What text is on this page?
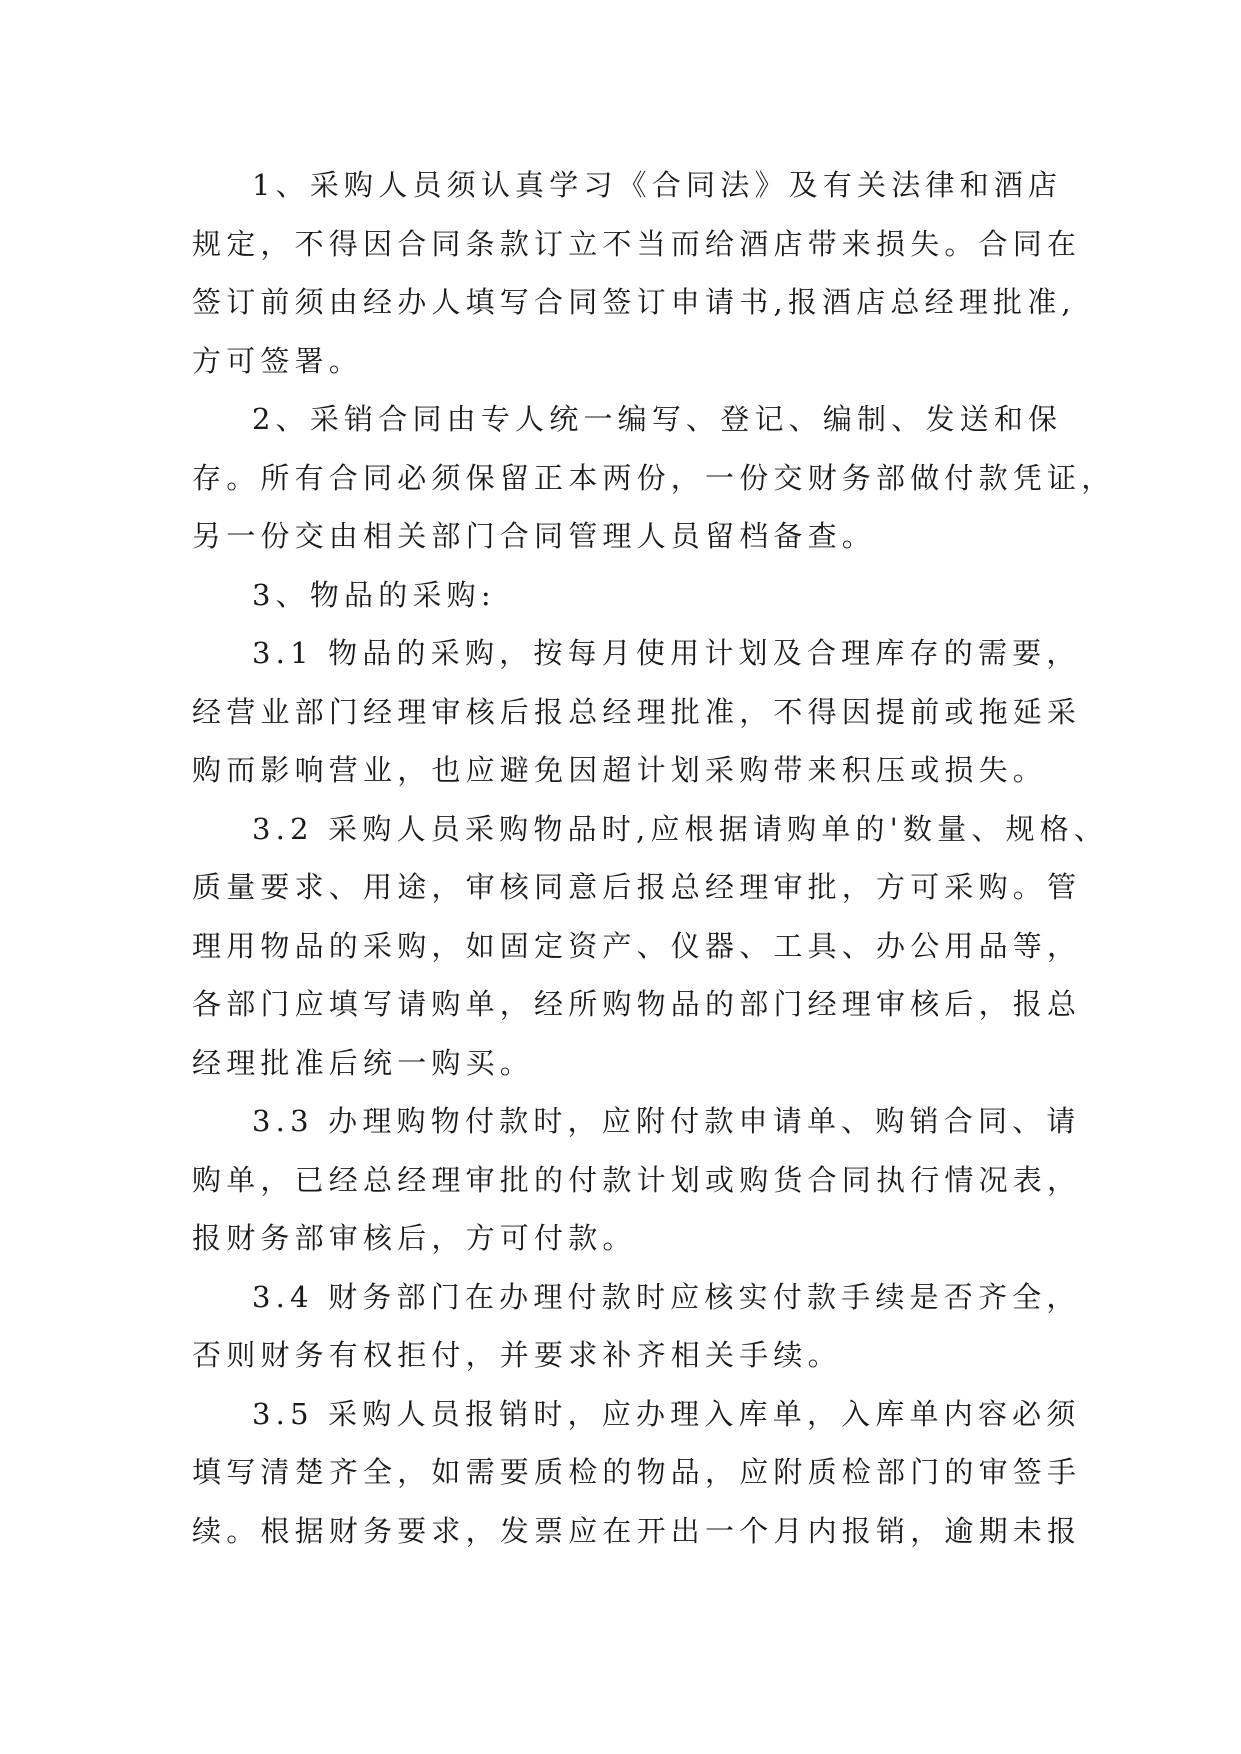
1、采购人员须认真学习《合同法》及有关法律和酒店
规定，不得因合同条款订立不当而给酒店带来损失。合同在
签订前须由经办人填写合同签订申请书,报酒店总经理批准,
方可签署。

2、采销合同由专人统一编写、登记、编制、发送和保
存。所有合同必须保留正本两份，一份交财务部做付款凭证，
另一份交由相关部门合同管理人员留档备查。

3、物品的采购:

3.1 物品的采购，按每月使用计划及合理库存的需要，
经营业部门经理审核后报总经理批准，不得因提前或拖延采
购而影响营业，也应避免因超计划采购带来积压或损失。

3.2 采购人员采购物品时,应根据请购单的'数量、规格、
质量要求、用途，审核同意后报总经理审批，方可采购。管
理用物品的采购，如固定资产、仪器、工具、办公用品等，
各部门应填写请购单，经所购物品的部门经理审核后，报总
经理批准后统一购买。

3.3 办理购物付款时，应附付款申请单、购销合同、请
购单，已经总经理审批的付款计划或购货合同执行情况表，
报财务部审核后，方可付款。

3.4 财务部门在办理付款时应核实付款手续是否齐全，
否则财务有权拒付，并要求补齐相关手续。

3.5 采购人员报销时，应办理入库单，入库单内容必须
填写清楚齐全，如需要质检的物品，应附质检部门的审签手
续。根据财务要求，发票应在开出一个月内报销，逾期未报
